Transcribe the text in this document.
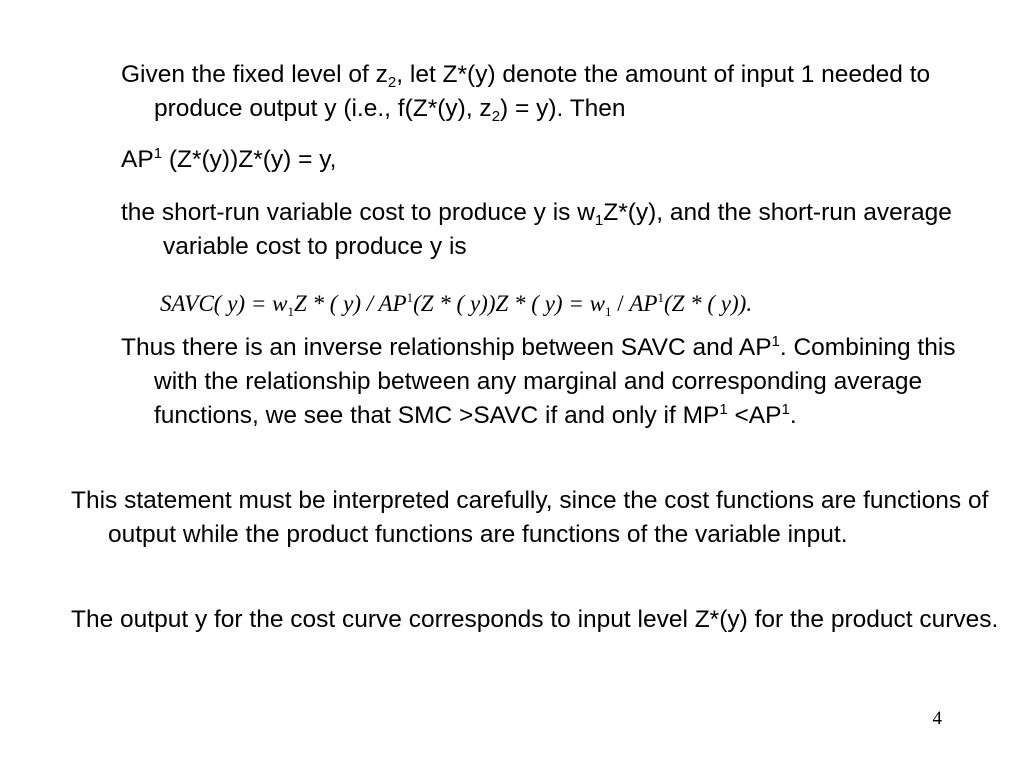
Given the fixed level of $z_2$, let Z*(y) denote the amount of input 1 needed to produce output y (i.e., f(Z*(y), $z_2) = y$). Then
$AP^1$ (Z*(y))Z*(y) = y,
the short-run variable cost to produce y is $w_1Z*(y)$, and the short-run average variable cost to produce y is
SAVC( $y) = w_1Z$ * ( $y) / AP^1(Z$ * ( y))Z * ( $y) = w_1 / AP^1(Z$ * ( y)).
Thus there is an inverse relationship between SAVC and $AP^1$. Combining this with the relationship between any marginal and corresponding average functions, we see that SMC >SAVC if and only if $MP^1 <AP^1$.
This statement must be interpreted carefully, since the cost functions are functions of output while the product functions are functions of the variable input.
The output y for the cost curve corresponds to input level Z*(y) for the product curves.
4
